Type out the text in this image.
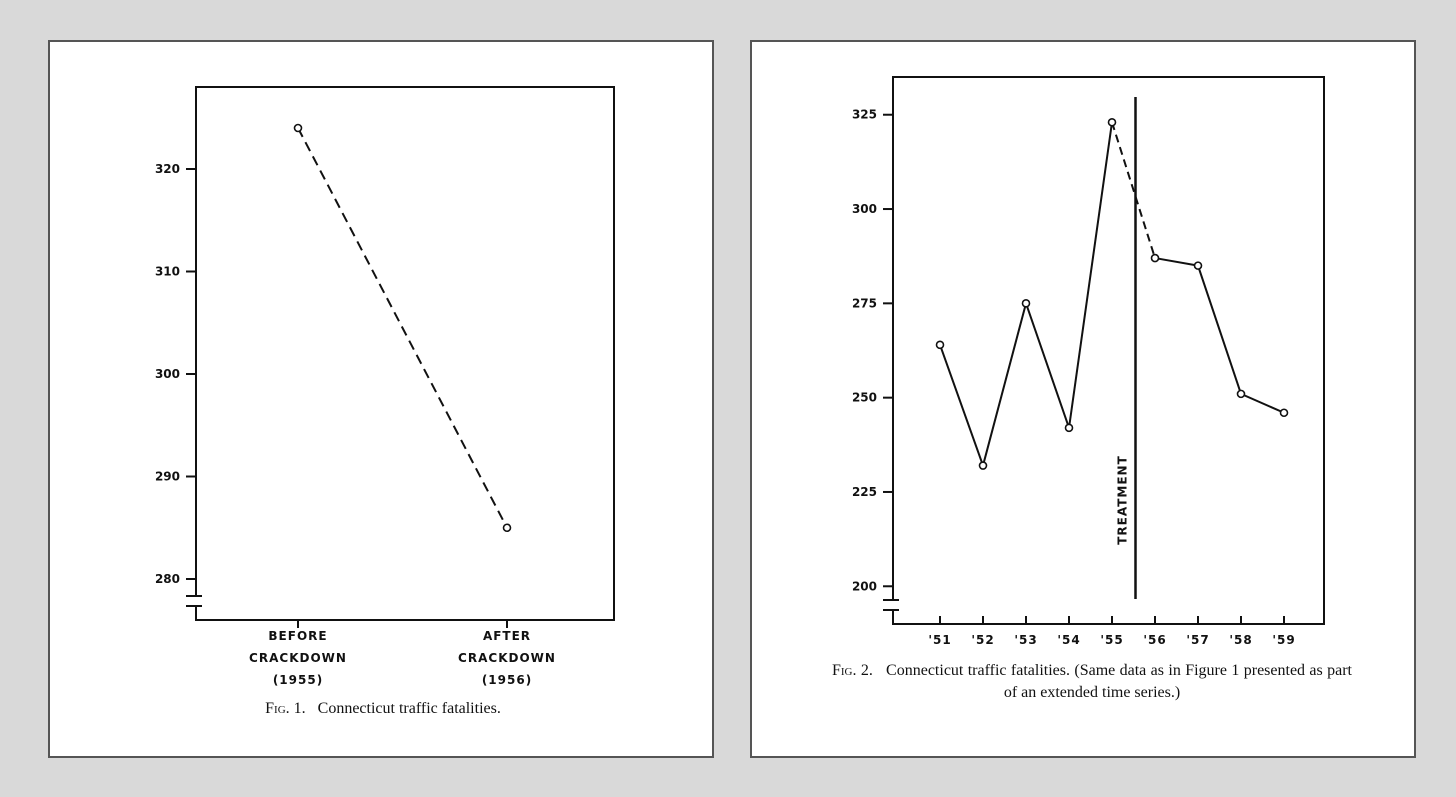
280
290
300
310
320
BEFORE
CRACKDOWN
(1955)
AFTER
CRACKDOWN
(1956)
Fig. 1. Connecticut traffic fatalities.
200
225
250
275
300
325
'51 '52 '53 '54 '55 '56 '57 '58 '59
TREATMENT
Fig. 2. Connecticut traffic fatalities. (Same data as in Figure 1 presented as part of an extended time series.)
